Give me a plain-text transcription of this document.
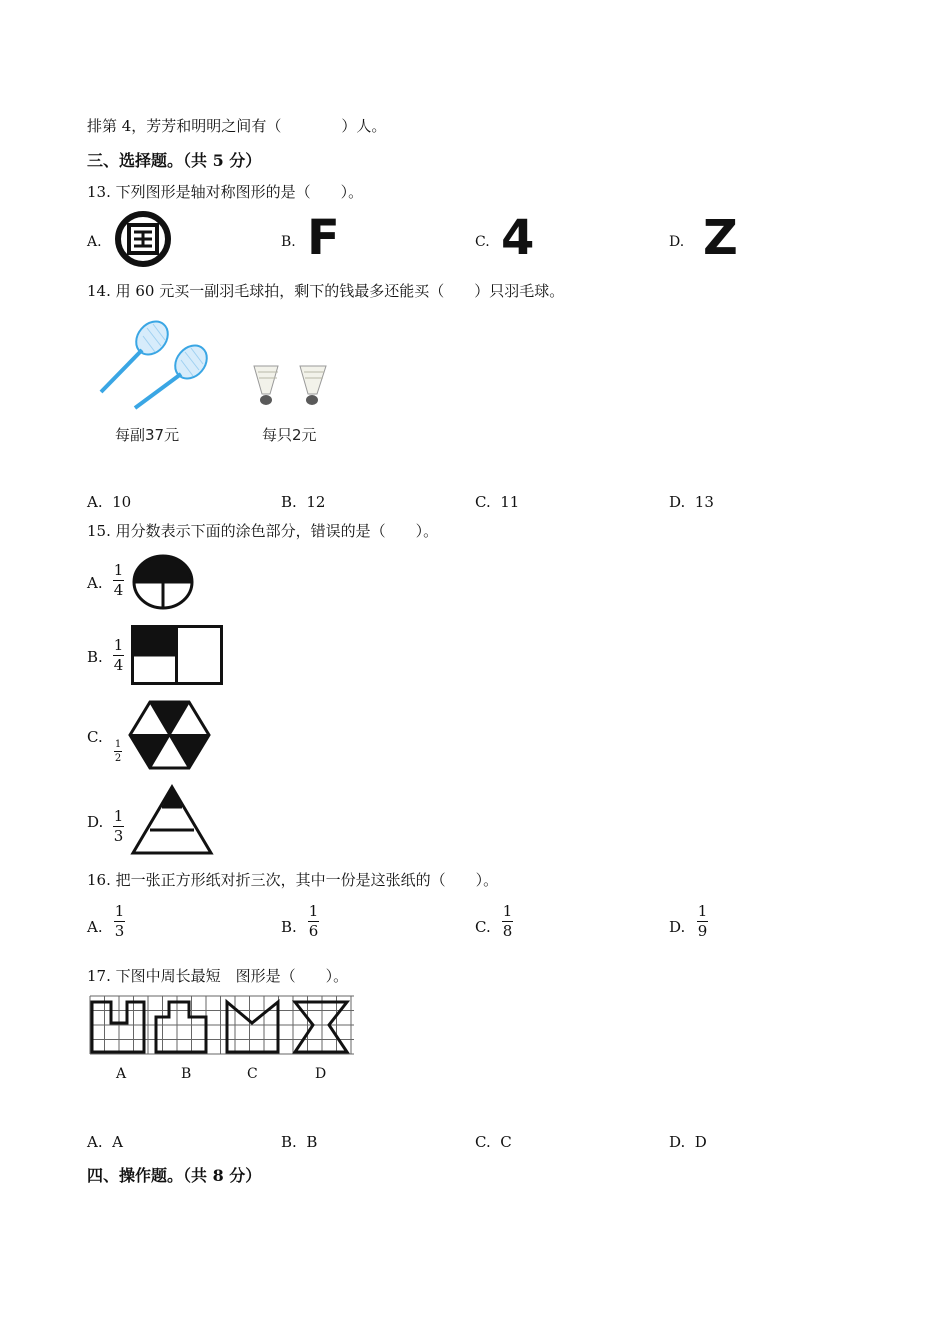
排第 4，芳芳和明明之间有（　　　　）人。
三、选择题。（共 5 分）
13. 下列图形是轴对称图形的是（　　）。
A.	B. F	C. 4	D. Z
14. 用 60 元买一副羽毛球拍，剩下的钱最多还能买（　　）只羽毛球。
每副37元	每只2元
A.  10	B.  12	C.  11	D.  13
15. 用分数表示下面的涂色部分，错误的是（　　）。
A.
1
4
B.
1
4
C. 1
2
D. 1
3
16. 把一张正方形纸对折三次，其中一份是这张纸的（　　）。
A.
1
3	B.
1
6	C.
1
8	D.
1
9
17. 下图中周长最短　图形是（　　）。
A	B	C	D
A.  A	B.  B	C.  C	D.  D
四、操作题。（共 8 分）
